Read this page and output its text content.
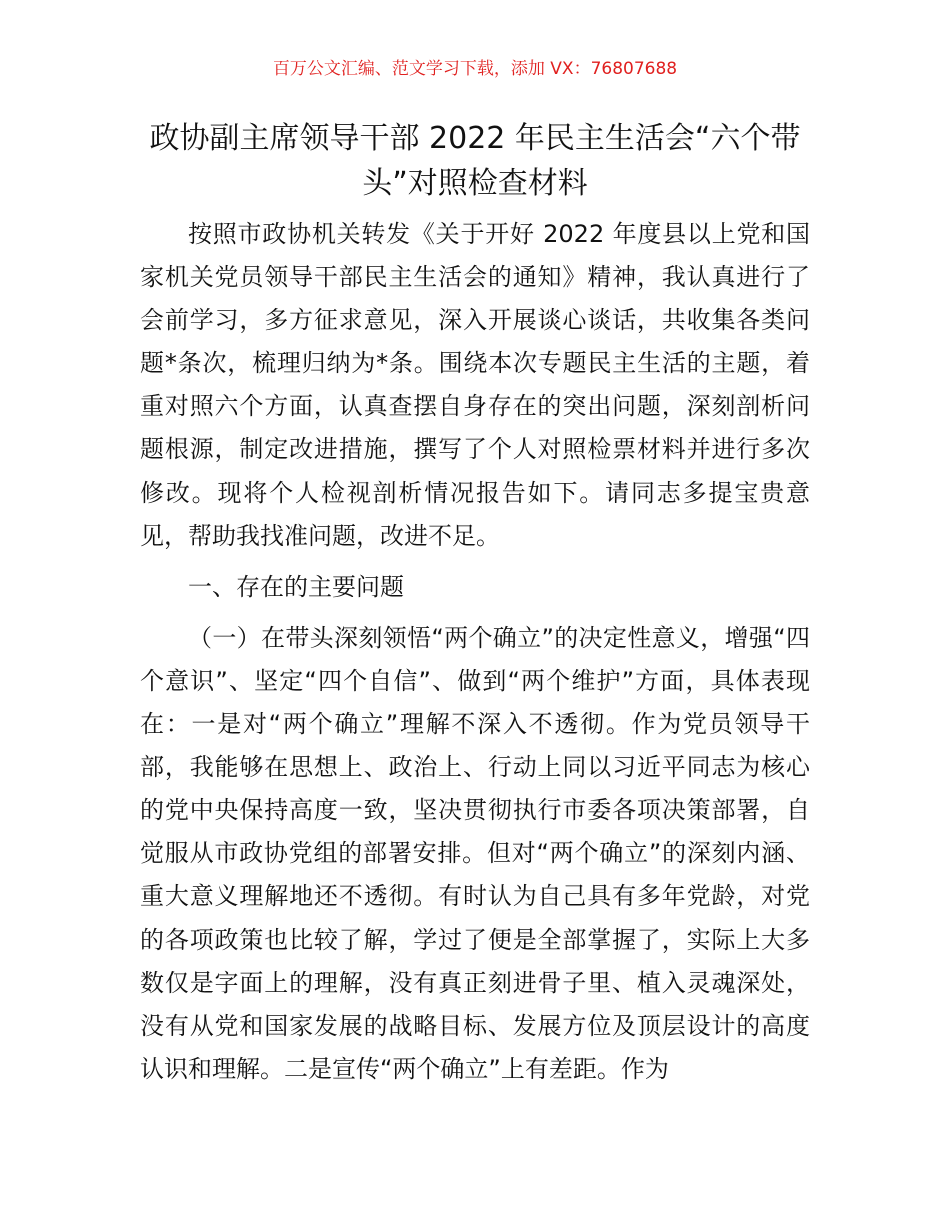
百万公文汇编、范文学习下载，添加 VX：76807688
政协副主席领导干部 2022 年民主生活会“六个带头”对照检查材料

按照市政协机关转发《关于开好 2022 年度县以上党和国家机关党员领导干部民主生活会的通知》精神，我认真进行了会前学习，多方征求意见，深入开展谈心谈话，共收集各类问题*条次，梳理归纳为*条。围绕本次专题民主生活的主题，着重对照六个方面，认真查摆自身存在的突出问题，深刻剖析问题根源，制定改进措施，撰写了个人对照检票材料并进行多次修改。现将个人检视剖析情况报告如下。请同志多提宝贵意见，帮助我找准问题，改进不足。

一、存在的主要问题

（一）在带头深刻领悟“两个确立”的决定性意义，增强“四个意识”、坚定“四个自信”、做到“两个维护”方面，具体表现在：一是对“两个确立”理解不深入不透彻。作为党员领导干部，我能够在思想上、政治上、行动上同以习近平同志为核心的党中央保持高度一致，坚决贯彻执行市委各项决策部署，自觉服从市政协党组的部署安排。但对“两个确立”的深刻内涵、重大意义理解地还不透彻。有时认为自己具有多年党龄，对党的各项政策也比较了解，学过了便是全部掌握了，实际上大多数仅是字面上的理解，没有真正刻进骨子里、植入灵魂深处，没有从党和国家发展的战略目标、发展方位及顶层设计的高度认识和理解。二是宣传“两个确立”上有差距。作为
